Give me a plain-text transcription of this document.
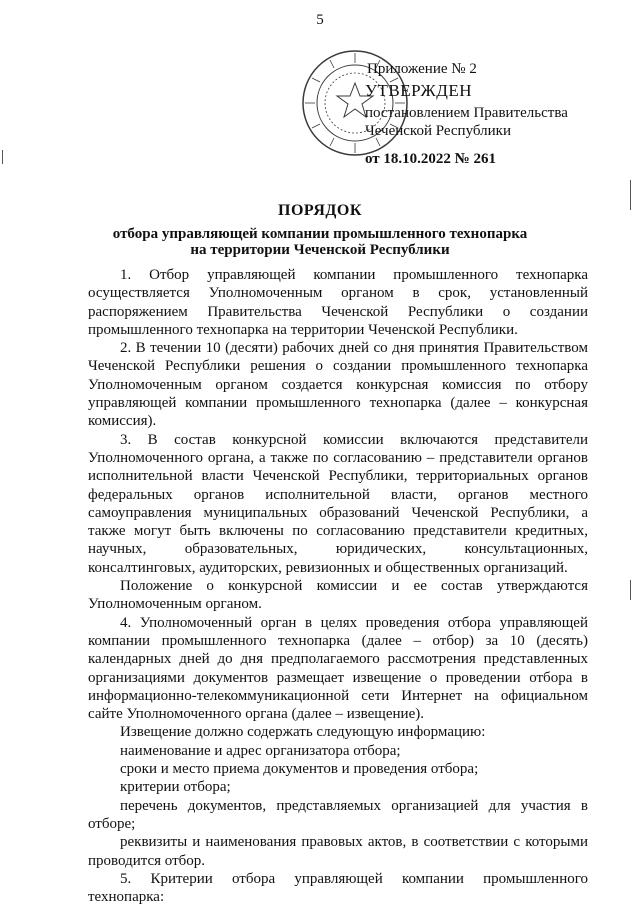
5
Приложение № 2
УТВЕРЖДЕН
постановлением Правительства
Чеченской Республики
от 18.10.2022 № 261
ПОРЯДОК
отбора управляющей компании промышленного технопарка
на территории Чеченской Республики

1. Отбор управляющей компании промышленного технопарка осуществляется Уполномоченным органом в срок, установленный распоряжением Правительства Чеченской Республики о создании промышленного технопарка на территории Чеченской Республики.

2. В течении 10 (десяти) рабочих дней со дня принятия Правительством Чеченской Республики решения о создании промышленного технопарка Уполномоченным органом создается конкурсная комиссия по отбору управляющей компании промышленного технопарка (далее – конкурсная комиссия).

3. В состав конкурсной комиссии включаются представители Уполномоченного органа, а также по согласованию – представители органов исполнительной власти Чеченской Республики, территориальных органов федеральных органов исполнительной власти, органов местного самоуправления муниципальных образований Чеченской Республики, а также могут быть включены по согласованию представители кредитных, научных, образовательных, юридических, консультационных, консалтинговых, аудиторских, ревизионных и общественных организаций.

Положение о конкурсной комиссии и ее состав утверждаются Уполномоченным органом.

4. Уполномоченный орган в целях проведения отбора управляющей компании промышленного технопарка (далее – отбор) за 10 (десять) календарных дней до дня предполагаемого рассмотрения представленных организациями документов размещает извещение о проведении отбора в информационно-телекоммуникационной сети Интернет на официальном сайте Уполномоченного органа (далее – извещение).

Извещение должно содержать следующую информацию:

наименование и адрес организатора отбора;

сроки и место приема документов и проведения отбора;

критерии отбора;

перечень документов, представляемых организацией для участия в отборе;

реквизиты и наименования правовых актов, в соответствии с которыми проводится отбор.

5. Критерии отбора управляющей компании промышленного технопарка:
